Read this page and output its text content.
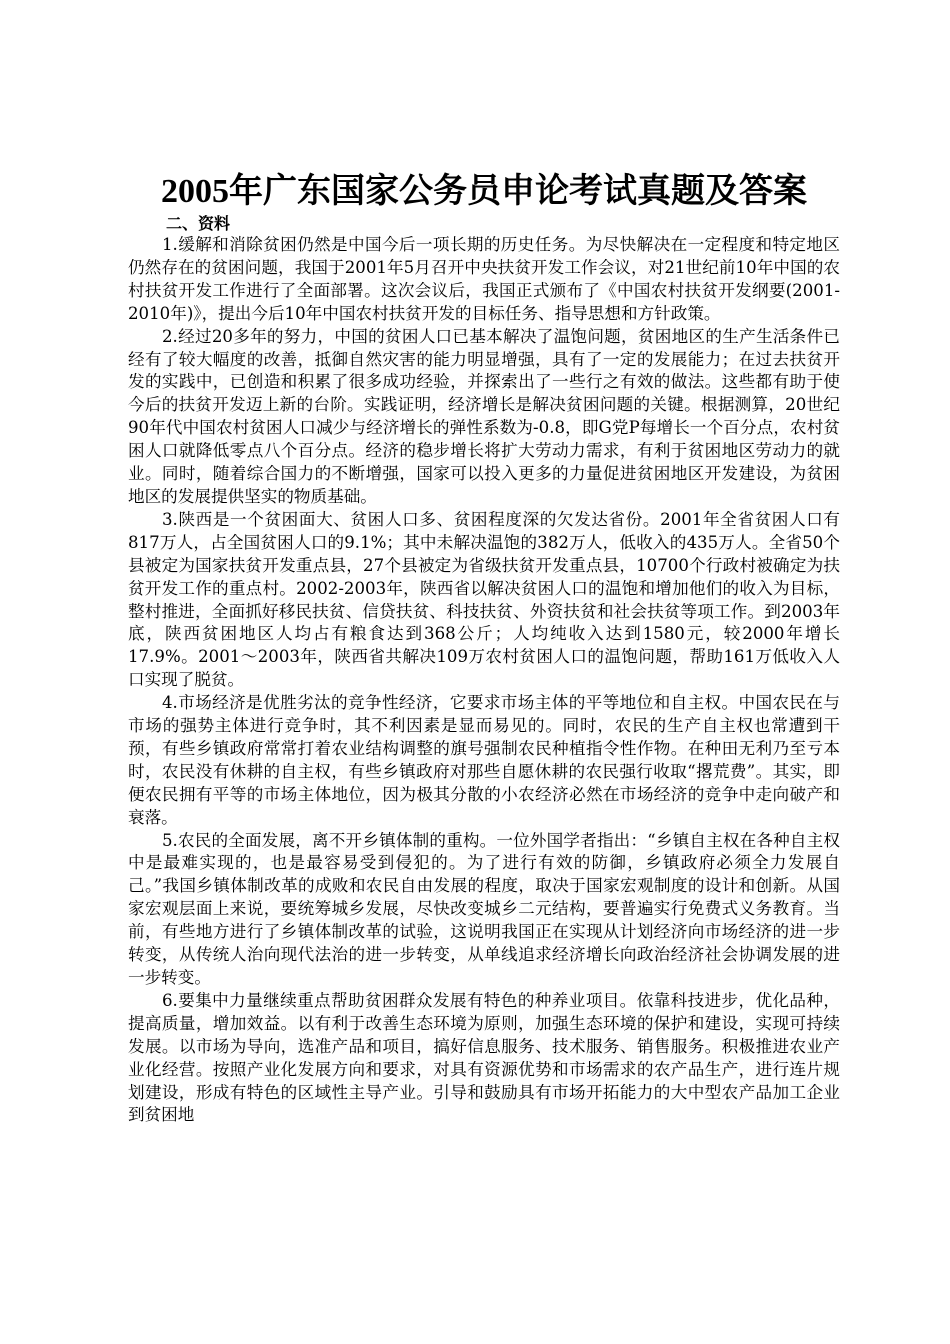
2005年广东国家公务员申论考试真题及答案
二、资料

1.缓解和消除贫困仍然是中国今后一项长期的历史任务。为尽快解决在一定程度和特定地区仍然存在的贫困问题，我国于2001年5月召开中央扶贫开发工作会议，对21世纪前10年中国的农村扶贫开发工作进行了全面部署。这次会议后，我国正式颁布了《中国农村扶贫开发纲要(2001-2010年)》，提出今后10年中国农村扶贫开发的目标任务、指导思想和方针政策。

2.经过20多年的努力，中国的贫困人口已基本解决了温饱问题，贫困地区的生产生活条件已经有了较大幅度的改善，抵御自然灾害的能力明显增强，具有了一定的发展能力；在过去扶贫开发的实践中，已创造和积累了很多成功经验，并探索出了一些行之有效的做法。这些都有助于使今后的扶贫开发迈上新的台阶。实践证明，经济增长是解决贫困问题的关键。根据测算，20世纪90年代中国农村贫困人口减少与经济增长的弹性系数为-0.8，即G党P每增长一个百分点，农村贫困人口就降低零点八个百分点。经济的稳步增长将扩大劳动力需求，有利于贫困地区劳动力的就业。同时，随着综合国力的不断增强，国家可以投入更多的力量促进贫困地区开发建设，为贫困地区的发展提供坚实的物质基础。

3.陕西是一个贫困面大、贫困人口多、贫困程度深的欠发达省份。2001年全省贫困人口有817万人，占全国贫困人口的9.1%；其中未解决温饱的382万人，低收入的435万人。全省50个县被定为国家扶贫开发重点县，27个县被定为省级扶贫开发重点县，10700个行政村被确定为扶贫开发工作的重点村。2002-2003年，陕西省以解决贫困人口的温饱和增加他们的收入为目标，整村推进，全面抓好移民扶贫、信贷扶贫、科技扶贫、外资扶贫和社会扶贫等项工作。到2003年底，陕西贫困地区人均占有粮食达到368公斤；人均纯收入达到1580元，较2000年增长17.9%。2001～2003年，陕西省共解决109万农村贫困人口的温饱问题，帮助161万低收入人口实现了脱贫。

4.市场经济是优胜劣汰的竞争性经济，它要求市场主体的平等地位和自主权。中国农民在与市场的强势主体进行竞争时，其不利因素是显而易见的。同时，农民的生产自主权也常遭到干预，有些乡镇政府常常打着农业结构调整的旗号强制农民种植指令性作物。在种田无利乃至亏本时，农民没有休耕的自主权，有些乡镇政府对那些自愿休耕的农民强行收取“撂荒费”。其实，即便农民拥有平等的市场主体地位，因为极其分散的小农经济必然在市场经济的竞争中走向破产和衰落。

5.农民的全面发展，离不开乡镇体制的重构。一位外国学者指出：“乡镇自主权在各种自主权中是最难实现的，也是最容易受到侵犯的。为了进行有效的防御，乡镇政府必须全力发展自己。”我国乡镇体制改革的成败和农民自由发展的程度，取决于国家宏观制度的设计和创新。从国家宏观层面上来说，要统筹城乡发展，尽快改变城乡二元结构，要普遍实行免费式义务教育。当前，有些地方进行了乡镇体制改革的试验，这说明我国正在实现从计划经济向市场经济的进一步转变，从传统人治向现代法治的进一步转变，从单线追求经济增长向政治经济社会协调发展的进一步转变。

6.要集中力量继续重点帮助贫困群众发展有特色的种养业项目。依靠科技进步，优化品种，提高质量，增加效益。以有利于改善生态环境为原则，加强生态环境的保护和建设，实现可持续发展。以市场为导向，选准产品和项目，搞好信息服务、技术服务、销售服务。积极推进农业产业化经营。按照产业化发展方向和要求，对具有资源优势和市场需求的农产品生产，进行连片规划建设，形成有特色的区域性主导产业。引导和鼓励具有市场开拓能力的大中型农产品加工企业到贫困地
